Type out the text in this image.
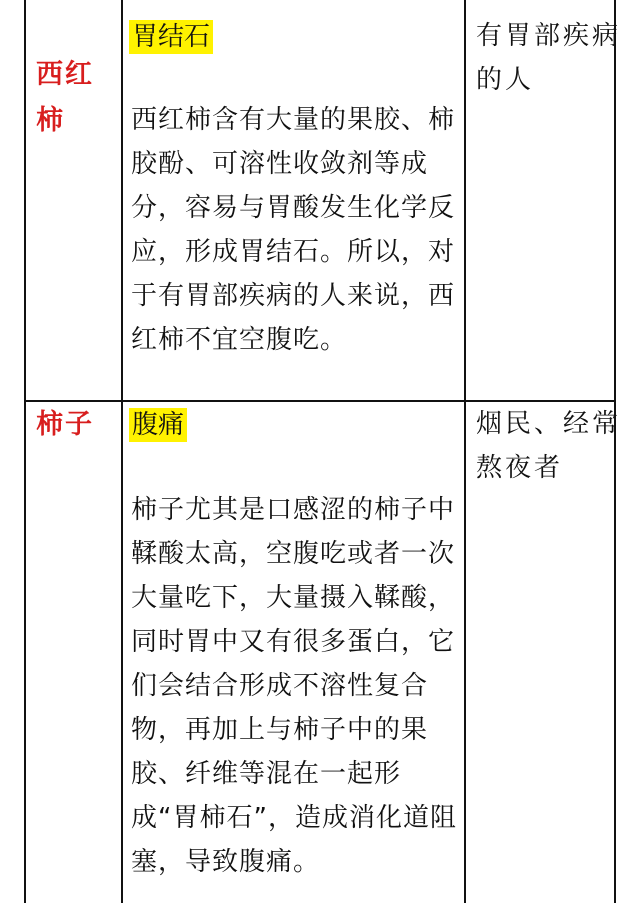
西红柿
胃结石
西红柿含有大量的果胶、柿胶酚、可溶性收敛剂等成分，容易与胃酸发生化学反应，形成胃结石。所以，对于有胃部疾病的人来说，西红柿不宜空腹吃。
有胃部疾病的人
柿子	腹痛
柿子尤其是口感涩的柿子中鞣酸太高，空腹吃或者一次大量吃下，大量摄入鞣酸，同时胃中又有很多蛋白，它们会结合形成不溶性复合物，再加上与柿子中的果胶、纤维等混在一起形成“胃柿石”，造成消化道阻塞，导致腹痛。
烟民、经常熬夜者
